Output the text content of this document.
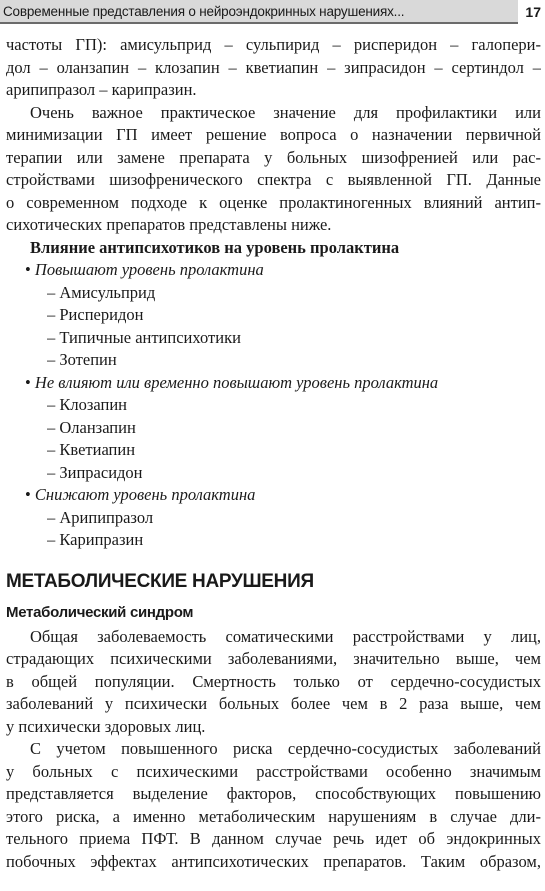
Современные представления о нейроэндокринных нарушениях...	17
частоты ГП): амисульприд – сульпирид – рисперидон – галопери-
дол – оланзапин – клозапин – кветиапин – зипрасидон – сертиндол –
арипипразол – карипразин.
Очень важное практическое значение для профилактики или
минимизации ГП имеет решение вопроса о назначении первичной
терапии или замене препарата у больных шизофренией или рас-
стройствами шизофренического спектра с выявленной ГП. Данные
о современном подходе к оценке пролактиногенных влияний антип-
сихотических препаратов представлены ниже.
Влияние антипсихотиков на уровень пролактина
• Повышают уровень пролактина
– Амисульприд
– Рисперидон
– Типичные антипсихотики
– Зотепин
• Не влияют или временно повышают уровень пролактина
– Клозапин
– Оланзапин
– Кветиапин
– Зипрасидон
• Снижают уровень пролактина
– Арипипразол
– Карипразин
МЕТАБОЛИЧЕСКИЕ НАРУШЕНИЯ
Метаболический синдром
Общая заболеваемость соматическими расстройствами у лиц,
страдающих психическими заболеваниями, значительно выше, чем
в общей популяции. Смертность только от сердечно-сосудистых
заболеваний у психически больных более чем в 2 раза выше, чем
у психически здоровых лиц.
С учетом повышенного риска сердечно-сосудистых заболеваний
у больных с психическими расстройствами особенно значимым
представляется выделение факторов, способствующих повышению
этого риска, а именно метаболическим нарушениям в случае дли-
тельного приема ПФТ. В данном случае речь идет об эндокринных
побочных эффектах антипсихотических препаратов. Таким образом,
